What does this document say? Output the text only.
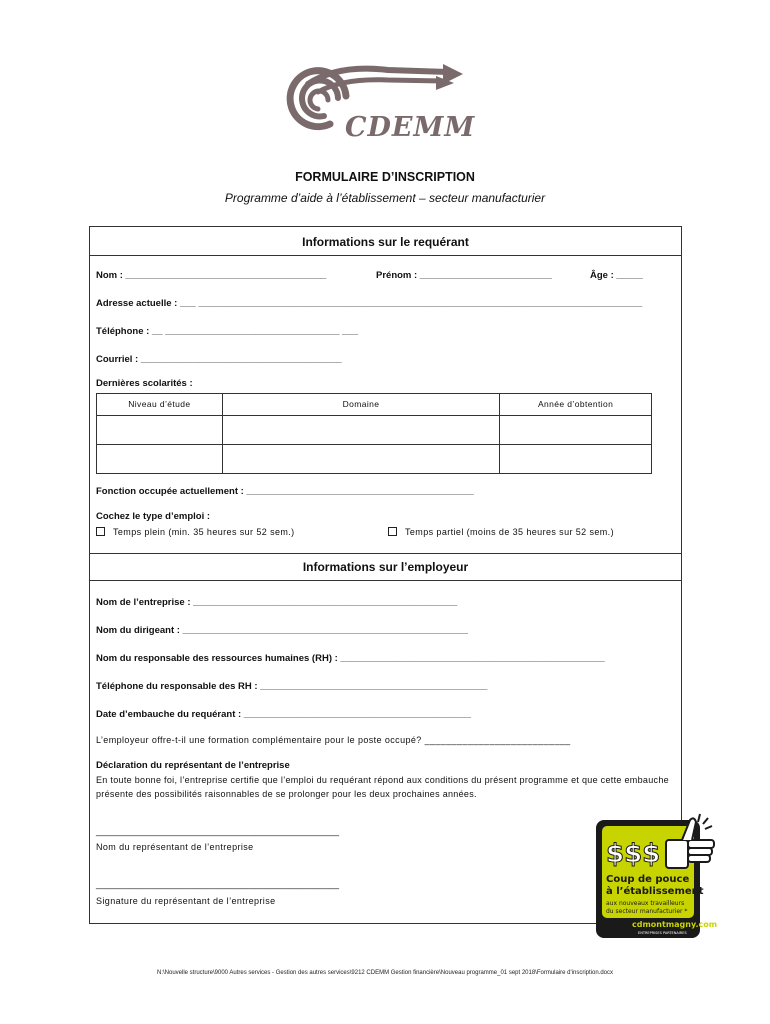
CDEMM
FORMULAIRE D’INSCRIPTION
Programme d’aide à l’établissement – secteur manufacturier
Informations sur le requérant
Nom : ______________________________________	Prénom : _________________________	Âge : _____
Adresse actuelle : ___ ____________________________________________________________________________________
Téléphone : __ _________________________________ ___
Courriel : ______________________________________
Dernières scolarités :
Niveau d’étude	Domaine	Année d’obtention

Fonction occupée actuellement : ___________________________________________
Cochez le type d’emploi :
Temps plein (min. 35 heures sur 52 sem.)	Temps partiel (moins de 35 heures sur 52 sem.)
Informations sur l’employeur
Nom de l’entreprise : __________________________________________________
Nom du dirigeant : ______________________________________________________
Nom du responsable des ressources humaines (RH) : __________________________________________________
Téléphone du responsable des RH : ___________________________________________
Date d’embauche du requérant : ___________________________________________
L’employeur offre-t-il une formation complémentaire pour le poste occupé? ___________________________
Déclaration du représentant de l’entreprise
En toute bonne foi, l’entreprise certifie que l’emploi du requérant répond aux conditions du présent programme et que cette embauche présente des possibilités raisonnables de se prolonger pour les deux prochaines années.
______________________________________________
Nom du représentant de l’entreprise
______________________________________________
Signature du représentant de l’entreprise
$$$
Coup de pouce
à l’établissement
aux nouveaux travailleurs
du secteur manufacturier *
cdmontmagny.com
ENTREPRISES PARTENAIRES
N:\Nouvelle structure\9000 Autres services - Gestion des autres services\9212 CDEMM Gestion financière\Nouveau programme_01 sept 2018\Formulaire d'inscription.docx
